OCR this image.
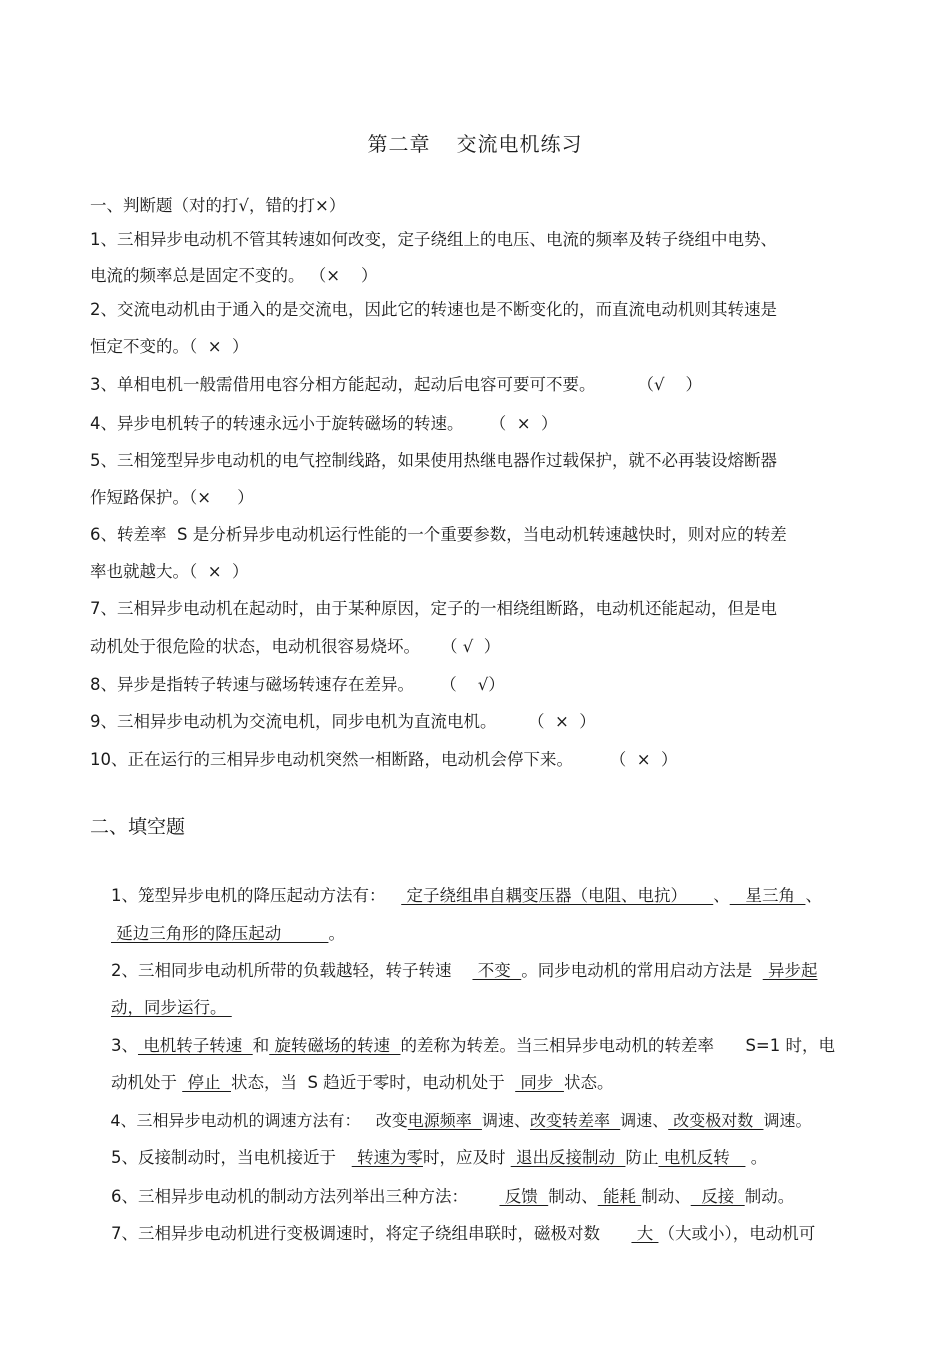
第二章 交流电机练习
一、判断题（对的打√，错的打×）
1、三相异步电动机不管其转速如何改变，定子绕组上的电压、电流的频率及转子绕组中电势、
电流的频率总是固定不变的。 （×    ）
2、交流电动机由于通入的是交流电，因此它的转速也是不断变化的，而直流电动机则其转速是
恒定不变的。（  ×  ）
3、单相电机一般需借用电容分相方能起动，起动后电容可要可不要。        （√    ）
4、异步电机转子的转速永远小于旋转磁场的转速。     （  ×  ）
5、三相笼型异步电动机的电气控制线路，如果使用热继电器作过载保护，就不必再装设熔断器
作短路保护。（×     ）
6、转差率  S 是分析异步电动机运行性能的一个重要参数，当电动机转速越快时，则对应的转差
率也就越大。（  ×  ）
7、三相异步电动机在起动时，由于某种原因，定子的一相绕组断路，电动机还能起动，但是电
动机处于很危险的状态，电动机很容易烧坏。    （ √  ）
8、异步是指转子转速与磁场转速存在差异。     （    √）
9、三相异步电动机为交流电机，同步电机为直流电机。      （  ×  ）
10、正在运行的三相异步电动机突然一相断路，电动机会停下来。       （  ×  ）
二、填空题

1、笼型异步电机的降压起动方法有：    定子绕组串自耦变压器（电阻、电抗）     、   星三角  、

延边三角形的降压起动         。

2、三相同步电动机所带的负载越轻，转子转速     不变  。同步电动机的常用启动方法是   异步起

动，同步运行。

3、 电机转子转速  和 旋转磁场的转速  的差称为转差。当三相异步电动机的转差率      S=1 时，电

动机处于  停止  状态，当  S 趋近于零时，电动机处于   同步  状态。

4、三相异步电动机的调速方法有：   改变电源频率  调速、改变转差率  调速、 改变极对数  调速。

5、反接制动时，当电机接近于    转速为零时，应及时  退出反接制动  防止 电机反转    。

6、三相异步电动机的制动方法列举出三种方法：       反馈  制动、 能耗 制动、  反接  制动。

7、三相异步电动机进行变极调速时，将定子绕组串联时，磁极对数       大 （大或小），电动机可
